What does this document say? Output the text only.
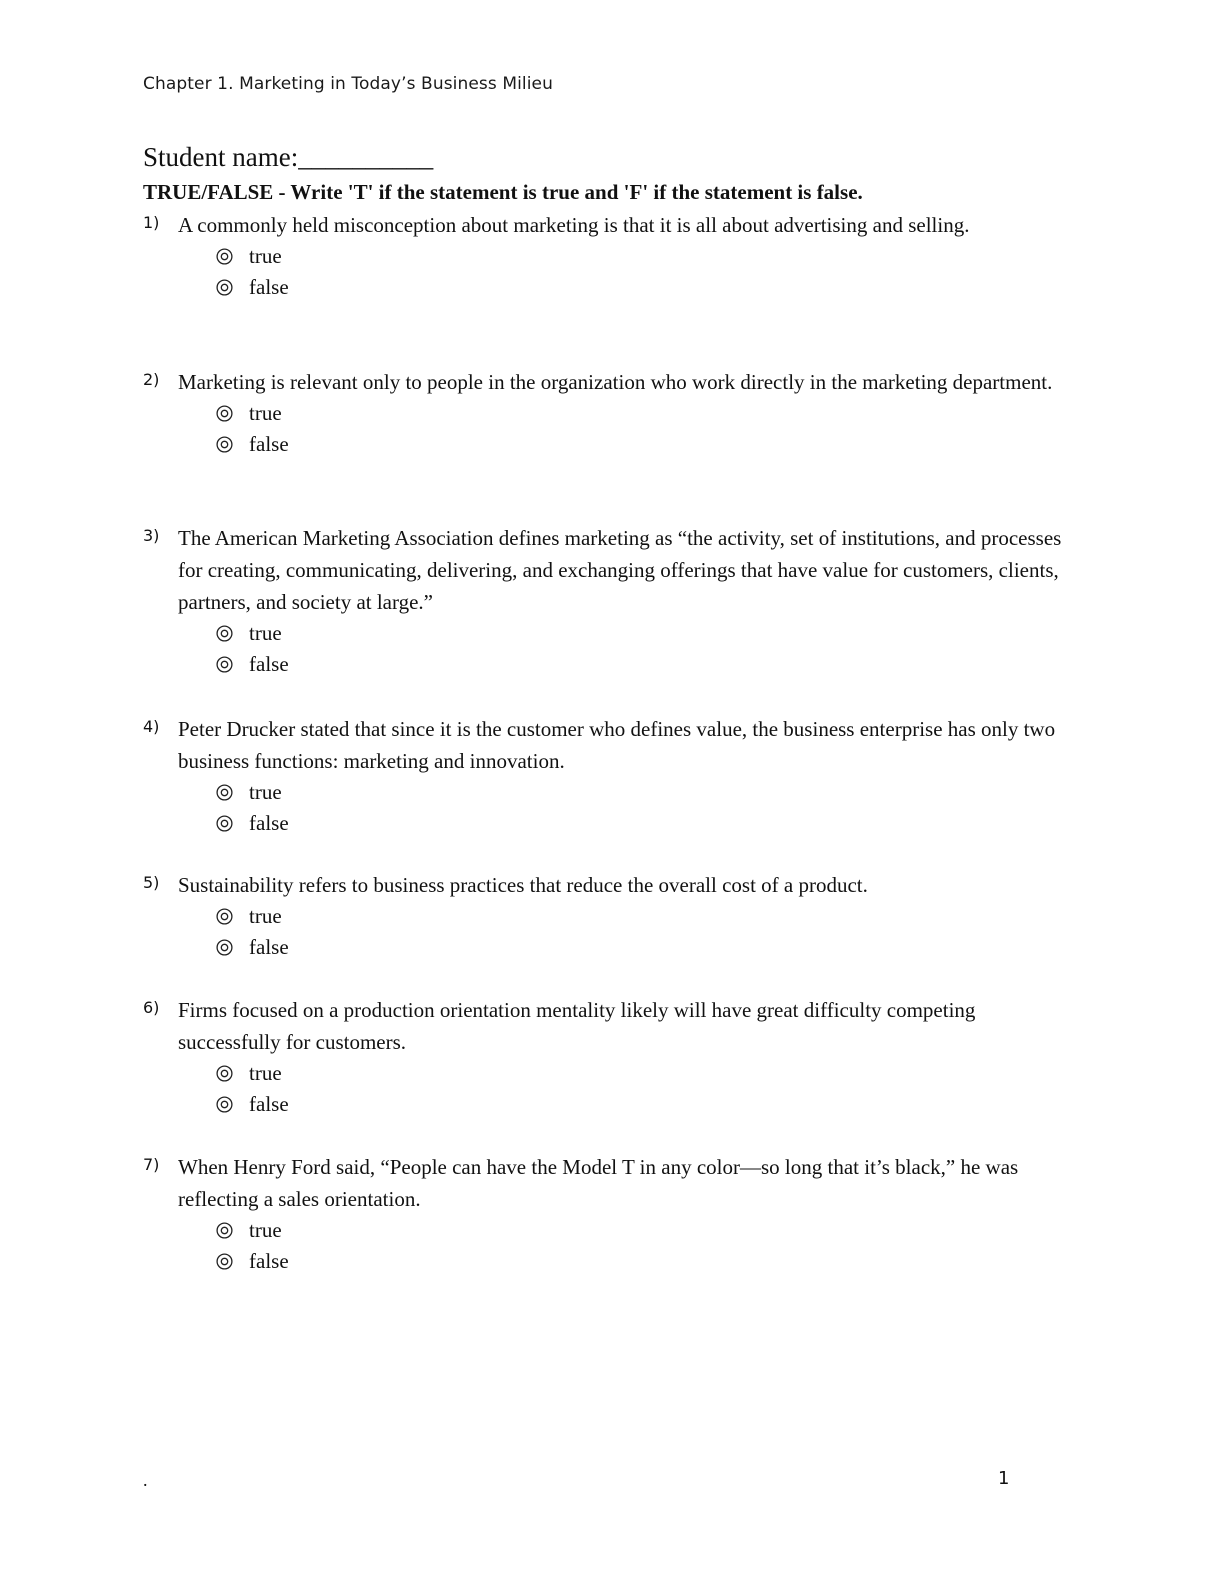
Chapter 1. Marketing in Today’s Business Milieu
Student name:__________
TRUE/FALSE - Write 'T' if the statement is true and 'F' if the statement is false.
1) A commonly held misconception about marketing is that it is all about advertising and selling.
true
false
2) Marketing is relevant only to people in the organization who work directly in the marketing department.
true
false
3) The American Marketing Association defines marketing as “the activity, set of institutions, and processes for creating, communicating, delivering, and exchanging offerings that have value for customers, clients, partners, and society at large.”
true
false
4) Peter Drucker stated that since it is the customer who defines value, the business enterprise has only two business functions: marketing and innovation.
true
false
5) Sustainability refers to business practices that reduce the overall cost of a product.
true
false
6) Firms focused on a production orientation mentality likely will have great difficulty competing successfully for customers.
true
false
7) When Henry Ford said, “People can have the Model T in any color—so long that it’s black,” he was reflecting a sales orientation.
true
false
.	1
